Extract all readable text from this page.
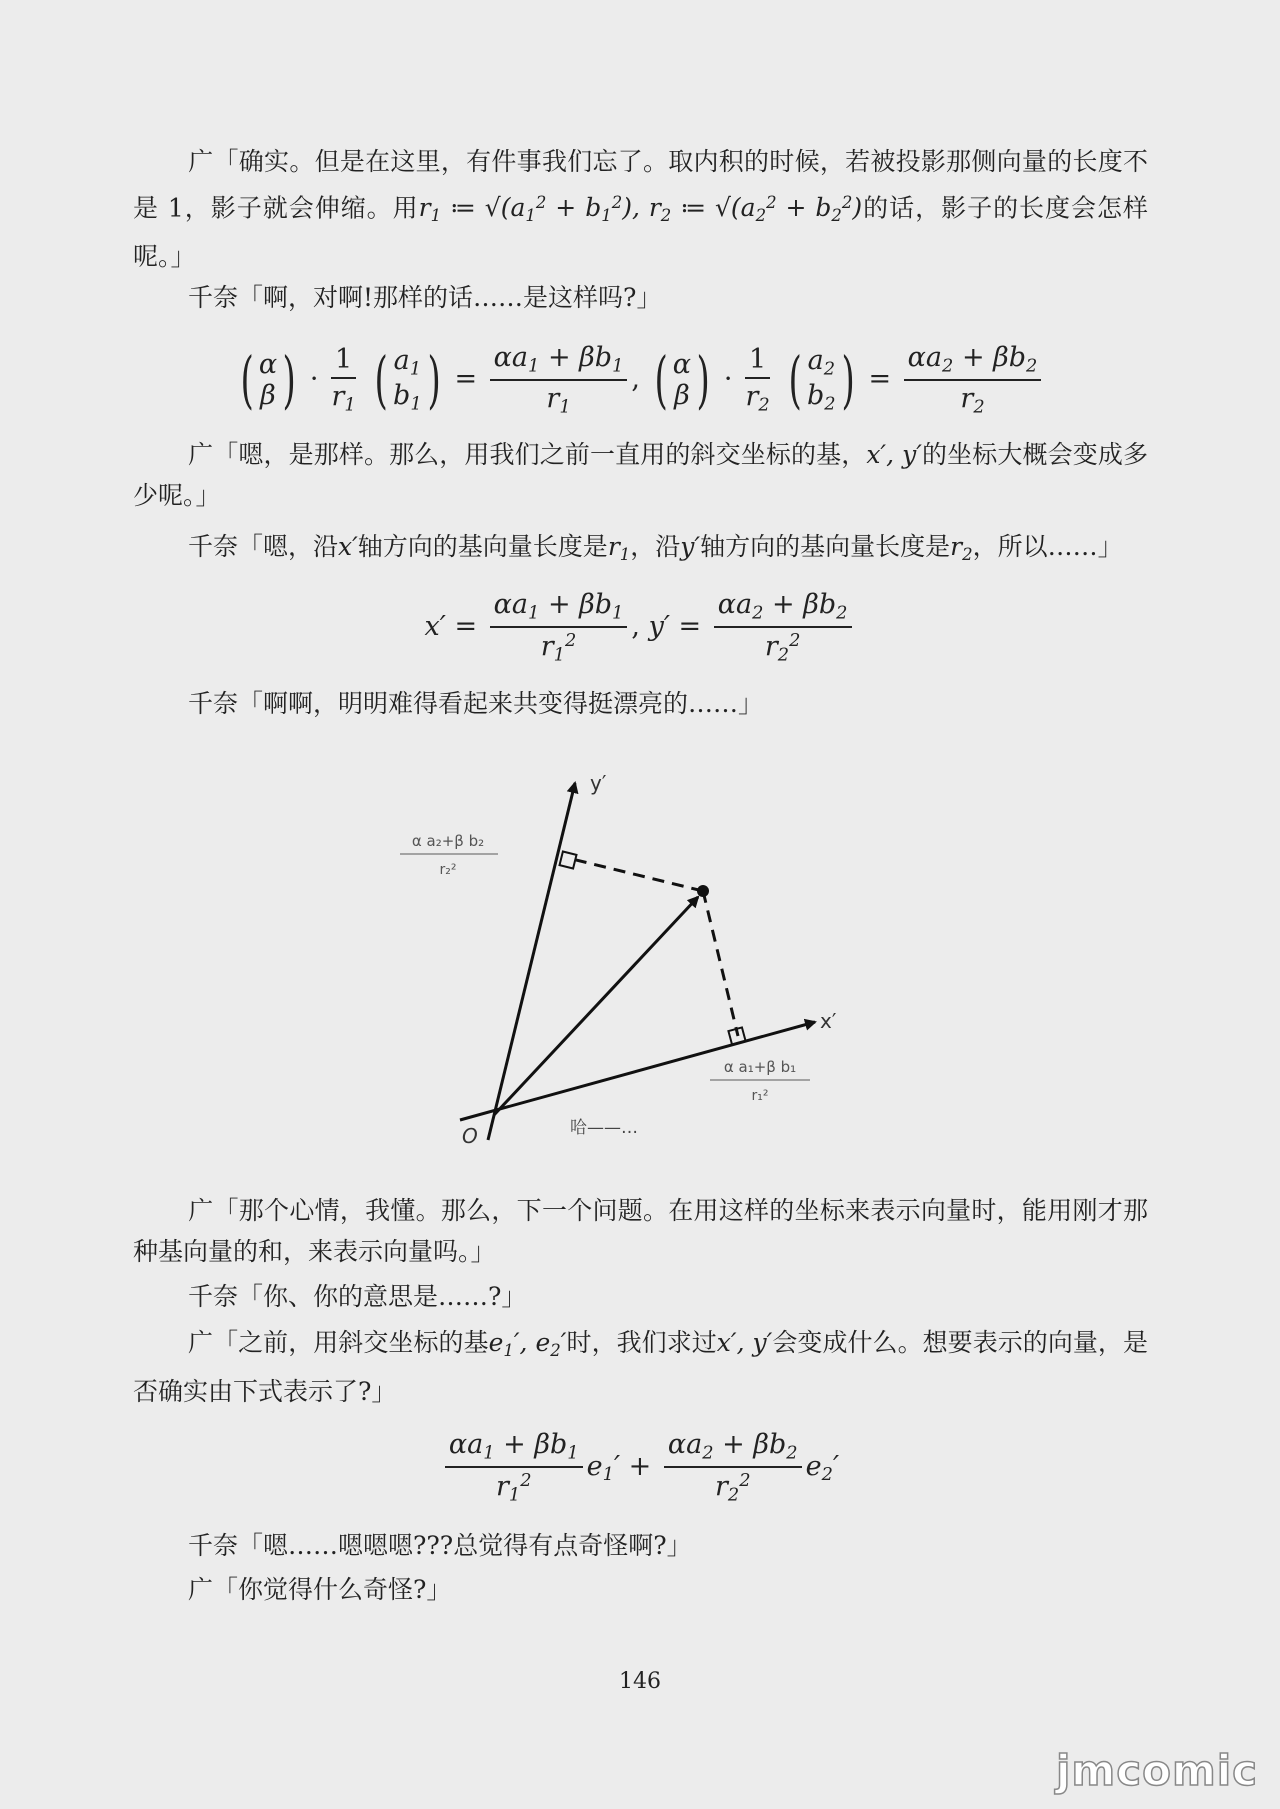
广「确实。但是在这里，有件事我们忘了。取内积的时候，若被投影那侧向量的长度不是 1，影子就会伸缩。用$r_1$ ≔ $√(a_1^2 + b_1^2)$, $r_2$ ≔ $√(a_2^2 + b_2^2)$的话，影子的长度会怎样呢。」

千奈「啊，对啊!那样的话……是这样吗?」

( α
β ) · $\frac{1}{r_1}$
( $a_1$
$b_1$ ) = $\frac{\alpha a_1 + \beta b_1}{r_1}$ , ( α
β ) · $\frac{1}{r_2}$
( $a_2$
$b_2$ ) = $\frac{\alpha a_2 + \beta b_2}{r_2}$

广「嗯，是那样。那么，用我们之前一直用的斜交坐标的基，x′, y′的坐标大概会变成多少呢。」

千奈「嗯，沿x′轴方向的基向量长度是$r_1$，沿y′轴方向的基向量长度是$r_2$，所以……」

$x' = \frac{\alpha a_1 + \beta b_1}{r_1^2}$ , $y' = \frac{\alpha a_2 + \beta b_2}{r_2^2}$

千奈「啊啊，明明难得看起来共变得挺漂亮的……」

y′
x′
O
α a₂+β b₂
r₂²
α a₁+β b₁
r₁²
哈——…

广「那个心情，我懂。那么，下一个问题。在用这样的坐标来表示向量时，能用刚才那种基向量的和，来表示向量吗。」

千奈「你、你的意思是……?」

广「之前，用斜交坐标的基$e_1'$, $e_2'$时，我们求过x′, y′会变成什么。想要表示的向量，是否确实由下式表示了?」

$\frac{\alpha a_1 + \beta b_1}{r_1^2} e_1' + \frac{\alpha a_2 + \beta b_2}{r_2^2} e_2'$

千奈「嗯……嗯嗯嗯???总觉得有点奇怪啊?」

广「你觉得什么奇怪?」

146
jmcomic
